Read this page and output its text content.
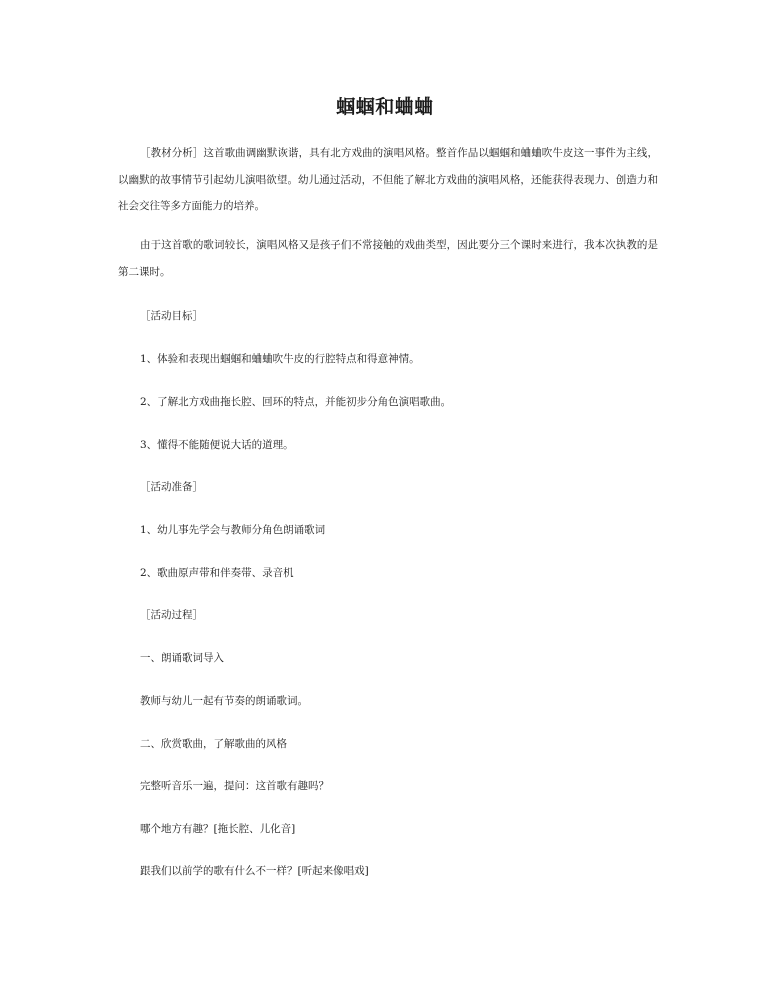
蝈蝈和蛐蛐

［教材分析］这首歌曲调幽默诙谐，具有北方戏曲的演唱风格。整首作品以蝈蝈和蛐蛐吹牛皮这一事件为主线，以幽默的故事情节引起幼儿演唱欲望。幼儿通过活动，不但能了解北方戏曲的演唱风格，还能获得表现力、创造力和社会交往等多方面能力的培养。

由于这首歌的歌词较长，演唱风格又是孩子们不常接触的戏曲类型，因此要分三个课时来进行，我本次执教的是第二课时。

［活动目标］

1、体验和表现出蝈蝈和蛐蛐吹牛皮的行腔特点和得意神情。

2、了解北方戏曲拖长腔、回环的特点，并能初步分角色演唱歌曲。

3、懂得不能随便说大话的道理。

［活动准备］

1、幼儿事先学会与教师分角色朗诵歌词

2、歌曲原声带和伴奏带、录音机

［活动过程］

一、朗诵歌词导入

教师与幼儿一起有节奏的朗诵歌词。

二、欣赏歌曲，了解歌曲的风格

完整听音乐一遍，提问：这首歌有趣吗？

哪个地方有趣？[拖长腔、儿化音]

跟我们以前学的歌有什么不一样？[听起来像唱戏]
